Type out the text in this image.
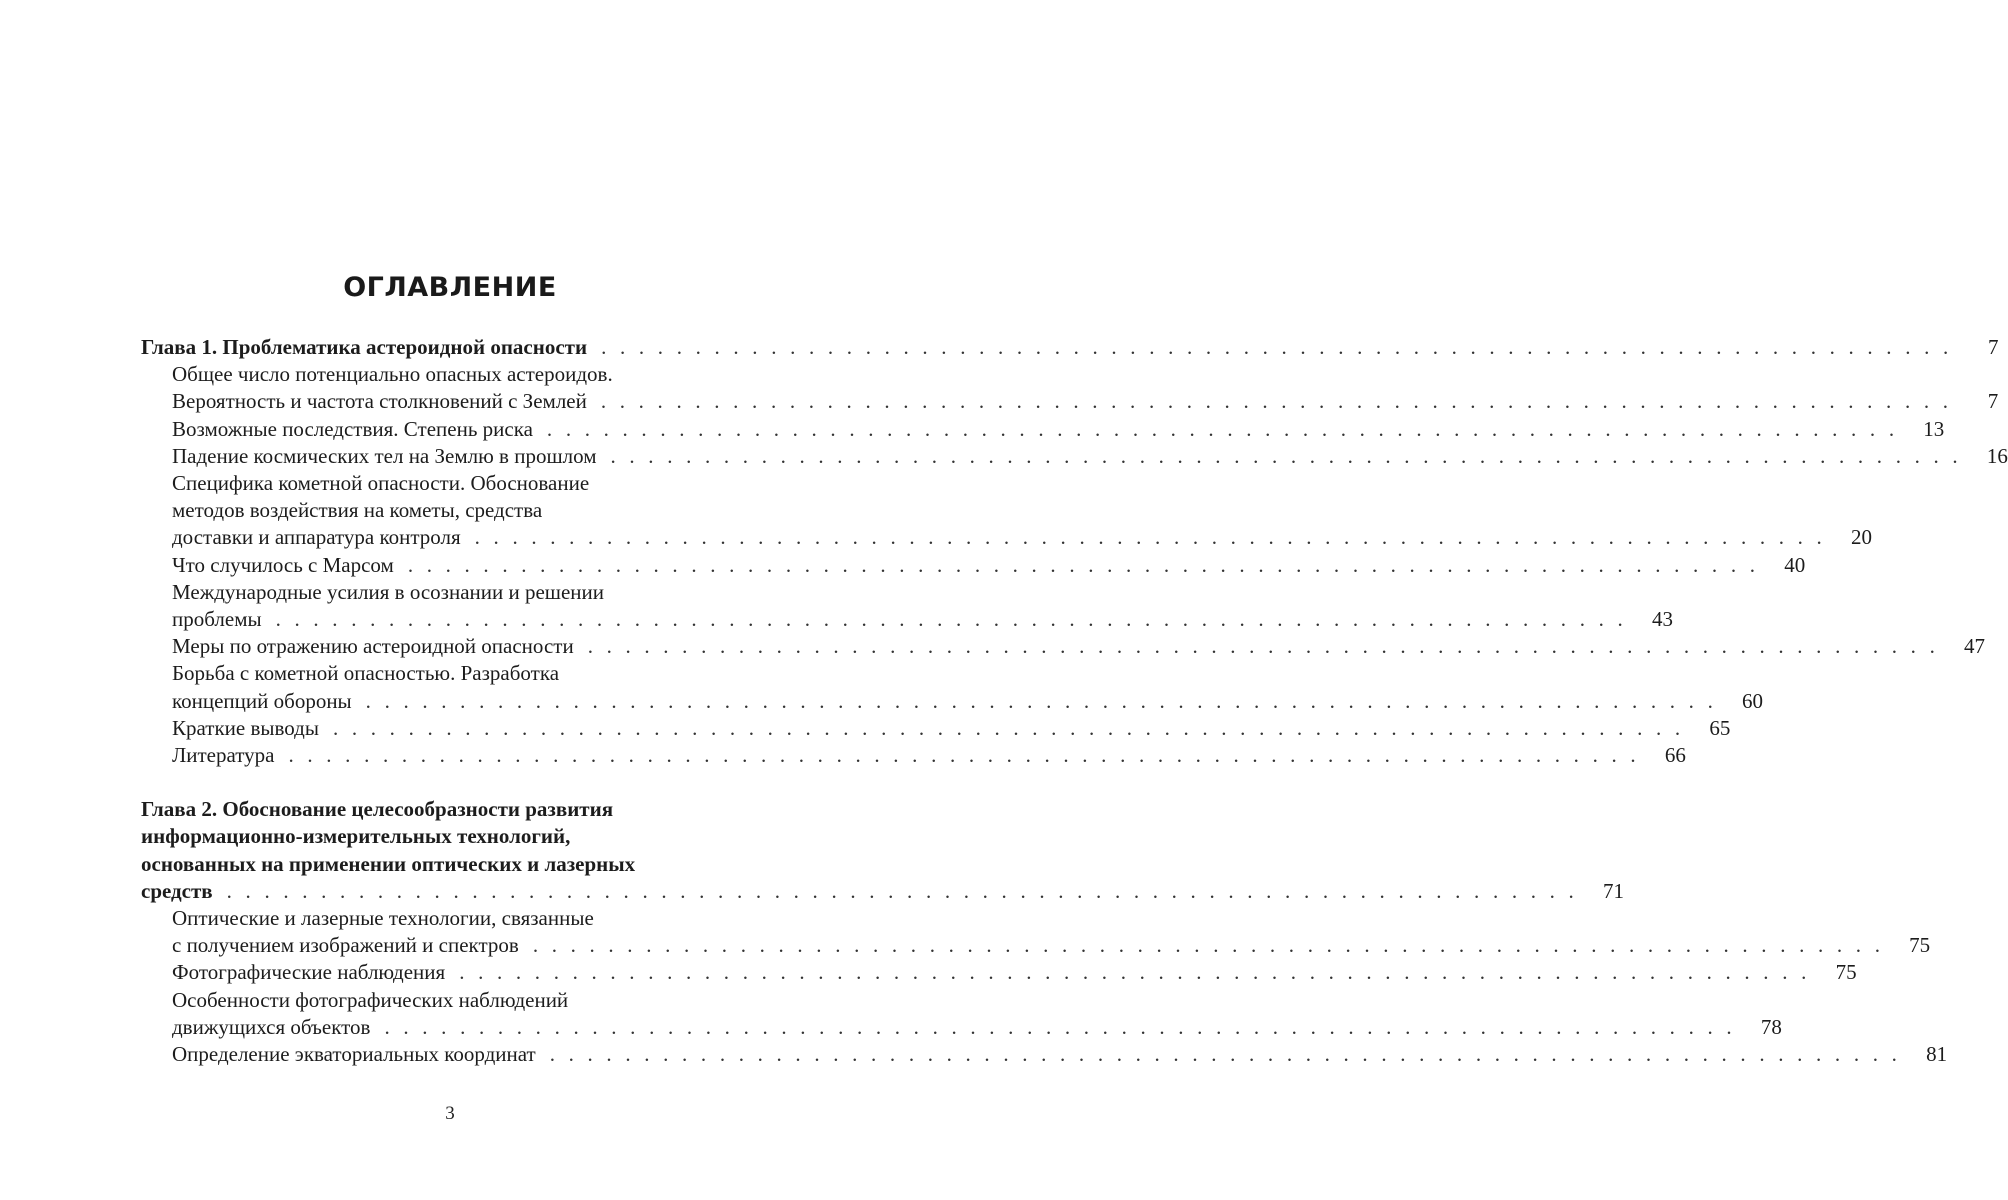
ОГЛАВЛЕНИЕ
Глава 1. Проблематика астероидной опасности . . . . . . . . . . . . . . . . . . . . . . . . . . . . . . . . . . . . . . . . . . . . . . . . . . . . . . . . . . . . . . . . . . . . . . . .	7
Общее число потенциально опасных астероидов.
Вероятность и частота столкновений с Землей . . . . . . . . . . . . . . . . . . . . . . . . . . . . . . . . . . . . . . . . . . . . . . . . . . . . . . . . . . . . . . . . . . . . . . . .	7
Возможные последствия. Степень риска . . . . . . . . . . . . . . . . . . . . . . . . . . . . . . . . . . . . . . . . . . . . . . . . . . . . . . . . . . . . . . . . . . . . . . . .	13
Падение космических тел на Землю в прошлом . . . . . . . . . . . . . . . . . . . . . . . . . . . . . . . . . . . . . . . . . . . . . . . . . . . . . . . . . . . . . . . . . . . . . . . .	16
Специфика кометной опасности. Обоснование
методов воздействия на кометы, средства
доставки и аппаратура контроля . . . . . . . . . . . . . . . . . . . . . . . . . . . . . . . . . . . . . . . . . . . . . . . . . . . . . . . . . . . . . . . . . . . . . . . .	20
Что случилось с Марсом . . . . . . . . . . . . . . . . . . . . . . . . . . . . . . . . . . . . . . . . . . . . . . . . . . . . . . . . . . . . . . . . . . . . . . . .	40
Международные усилия в осознании и решении
проблемы . . . . . . . . . . . . . . . . . . . . . . . . . . . . . . . . . . . . . . . . . . . . . . . . . . . . . . . . . . . . . . . . . . . . . . . .	43
Меры по отражению астероидной опасности . . . . . . . . . . . . . . . . . . . . . . . . . . . . . . . . . . . . . . . . . . . . . . . . . . . . . . . . . . . . . . . . . . . . . . . .	47
Борьба с кометной опасностью. Разработка
концепций обороны . . . . . . . . . . . . . . . . . . . . . . . . . . . . . . . . . . . . . . . . . . . . . . . . . . . . . . . . . . . . . . . . . . . . . . . .	60
Краткие выводы . . . . . . . . . . . . . . . . . . . . . . . . . . . . . . . . . . . . . . . . . . . . . . . . . . . . . . . . . . . . . . . . . . . . . . . .	65
Литература . . . . . . . . . . . . . . . . . . . . . . . . . . . . . . . . . . . . . . . . . . . . . . . . . . . . . . . . . . . . . . . . . . . . . . . .	66
Глава 2. Обоснование целесообразности развития
информационно-измерительных технологий,
основанных на применении оптических и лазерных
средств . . . . . . . . . . . . . . . . . . . . . . . . . . . . . . . . . . . . . . . . . . . . . . . . . . . . . . . . . . . . . . . . . . . . . . . .	71
Оптические и лазерные технологии, связанные
с получением изображений и спектров . . . . . . . . . . . . . . . . . . . . . . . . . . . . . . . . . . . . . . . . . . . . . . . . . . . . . . . . . . . . . . . . . . . . . . . .	75
Фотографические наблюдения . . . . . . . . . . . . . . . . . . . . . . . . . . . . . . . . . . . . . . . . . . . . . . . . . . . . . . . . . . . . . . . . . . . . . . . .	75
Особенности фотографических наблюдений
движущихся объектов . . . . . . . . . . . . . . . . . . . . . . . . . . . . . . . . . . . . . . . . . . . . . . . . . . . . . . . . . . . . . . . . . . . . . . . .	78
Определение экваториальных координат . . . . . . . . . . . . . . . . . . . . . . . . . . . . . . . . . . . . . . . . . . . . . . . . . . . . . . . . . . . . . . . . . . . . . . . .	81
3
